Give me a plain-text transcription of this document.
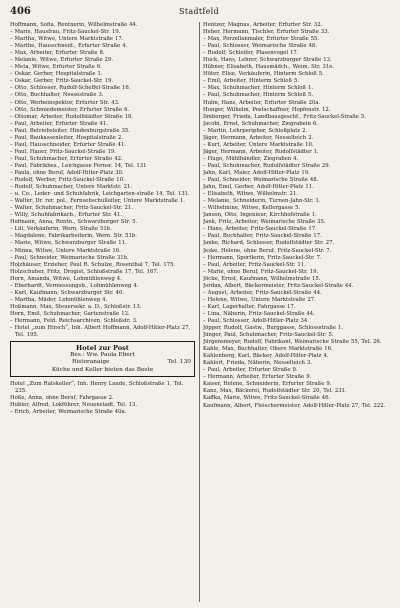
406	Stadtfeld

Hoffmann, Sofia, Rentnerin, Wilhelmstraße 44.

– Marie, Hausfrau, Fritz-Sauckel-Str. 19.

– Martha, Witwe, Untere Marktstraße 17.

– Marthe, Hausschneid., Erfurter Straße 4.

– Max, Arbeiter, Erfurter Straße 8.

– Melanie, Witwe, Erfurter Straße 29.

– Meta, Witwe, Erfurter Straße 6.

– Oskar, Gerber, Hospitalstraße 1.

– Oskar, Gerber, Fritz-Sauckel-Str. 19.

– Otto, Schlosser, Rudolf-Scheffel-Straße 16.

– Otto, Buchhalter, Nessestraße 3.

– Otto, Werbeinspektor, Erfurter Str. 43.

– Otto, Schmiedemeister, Erfurter Straße 6.

– Ottomar, Arbeiter, Rudolfstädter Straße 18.

– Paul, Arbeiter, Erfurter Straße 41.

– Paul, Betriebsleiter, Hindenburgstraße 35.

– Paul, Baukassenleiter, Hospitalstraße 2.

– Paul, Hausschneider, Erfurter Straße 41.

– Paul, Hauer, Fritz-Sauckel-Straße 19.

– Paul, Schuhmacher, Erfurter Straße 42.

– Paul, Fabrikbes., Leichgasse Fernsr. 14, Tel. 131

– Paula, ohne Beruf, Adolf-Hitler-Platz 30.

– Rudolf, Werber, Fritz-Sauckel-Straße 10.

– Rudolf, Schuhmacher, Untere Marktstr. 21.

– u. Co., Leder- und Schuhfabrik, Leichgarten-straße 14, Tel. 131.

– Walter, Dr. rer. pol., Fernsehschulleiter, Untere Marktstraße 1.

– Walter, Schuhmacher, Fritz-Sauckel-Str. 21.

– Willy, Schuhfabrikarb., Erfurter Str. 41.

Hofmann, Anna, Rentn., Schwarzburger Str. 5.

– Lili, Verkäuferin, Wern. Straße 51b.

– Magdalene, Fabrikarbeiterin, Wern. Str. 51b.

– Marie, Witwe, Schwarzburger Straße 11.

– Minna, Witwe, Untere Marktstraße 16.

– Paul, Schneider, Weimarische Straße 31b.

Holzhäuser, Erzieher, Paul R. Schulze, Rosenthal 7, Tel. 175.

Holzschuher, Fritz, Drogist, Schloßstraße 17, Tel. 167.

Horn, Amanda, Witwe, Lohmühlenweg 4.

– Eberhardt, Vermessungsb., Lohmühlenweg 4.

– Karl, Kaufmann, Schwarzburger Str. 40.

– Martha, Mäder, Lohmühlenweg 4.

Hoßmann, Max, Steuersekr. a. D., Schloßstr. 13.

Horn, Emil, Schuhmacher, Gartenstraße 12.

– Hermann, Feld. Reichsarchiven, Schloßstr. 3.

– Hotel „zum Hirsch“, Inh. Albert Hoffmann, Adolf-Hitler-Platz 27, Tel. 195.

Hotel zur Post
Bes.: Ww. Paula Ebert
Ristoranaige	Tel. 130
Küche und Keller bieten das Beste

Hotel „Zum Ratskeller“, Inh. Henry Laude, Schloßstraße 1, Tel. 235.

Hoße, Anna, ohne Beruf, Fahrgasse 2.

Hubler, Alfred, Lokführer, Neuenstadt, Tel. 13.

– Erich, Arbeiter, Weimarische Straße 40a.

Hentzer, Magnus, Arbeiter, Erfurter Str. 32.

Heher, Hermann, Tischler, Erfurter Straße 33.

– Max, Porzellanmaler, Erfurter Straße 55.

– Paul, Schlosser, Weimarische Straße 48.

– Rudolf, Schleifer, Plasenvogel 17.

Huck, Hans, Lehrer, Schwarzburger Straße 13.

Hübner, Elisabeth, Hausmädch., Weim. Str. 31e.

Hüter, Elise, Verkäuferin, Hinterm Schloß 5.

– Emil, Arbeiter, Hinterm Schloß 5.

– Max, Schuhmacher, Hinterm Schloß 1.

– Paul, Schuhmacher, Hinterm Schloß 5.

Hulm, Hans, Arbeiter, Erfurter Straße 20a.

Hunger, Wilhelm, Postschaffner, Hopfenstr. 12.

Ilmberger, Frieda, Landhausgeschf., Fritz-Sauckel-Straße 5.

Jacobi, Ernst, Schuhmacher, Ziegrabein 6.

– Martin, Lehrperipher, Schloßplatz 2.

Jäger, Hermann, Arbeiter, Nesselteich 2.

– Kurt, Arbeiter, Untere Marktstraße 10.

Jäger, Hermann, Arbeiter, Rudolfstädter 1.

– Hugo, Mühlhändler, Ziegraben 4.

– Paul, Schuhmacher, Rudolfstädter Straße 29.

Jahn, Karl, Maler, Adolf-Hitler-Platz 19.

– Paul, Schneider, Weimarische Straße 48.

Jahn, Emil, Gerber, Adolf-Hitler-Platz 11.

– Elisabeth, Witwe, Wilhelmstr. 21.

– Melanie, Schneiderin, Turnen-Jahn-Str. 1.

– Wilhelmine, Witwe, Kellergasse 5.

Janson, Otto, Ingenieur, Kirchhofstraße 1.

Jank, Fritz, Arbeiter, Weimarische Straße 35.

– Hans, Arbeiter, Fritz-Sauckel-Straße 17.

– Paul, Buchhalter, Fritz-Sauckel-Straße 17.

Janke, Richard, Schlosser, Rudolfstädter Str. 27.

Jeske, Helene, ohne Beruf, Fritz-Sauckel-Str. 7.

– Hermann, Sportlerin, Fritz-Sauckel-Str. 7.

– Paul, Arbeiter, Fritz-Sauckel-Str. 11.

– Marie, ohne Beruf, Fritz-Sauckel-Str. 19.

Jöcke, Ernst, Kaufmann, Wilhelmstraße 15.

Jordan, Albert, Bäckermeister, Fritz-Sauckel-Straße 44.

– August, Arbeiter, Fritz-Sauckel-Straße 44.

– Helene, Witwe, Untere Marktstraße 27.

– Karl, Lagerhalter, Fahrgasse 17.

– Lina, Näherin, Fritz-Sauckel-Straße 44.

– Paul, Schlosser, Adolf-Hitler-Platz 34.

Jöpper, Rudolf, Gastw., Burggasse, Schlossstraße 1.

Jünger, Paul, Schuhmacher, Fritz-Sauckel-Str. 5.

Jürgensmeyer, Rudolf, Fabrikant, Weimarische Straße 55, Tel. 26.

Kahle, Max, Buchhalter, Obere Marktstraße 16.

Kahlenberg, Karl, Bäcker, Adolf-Hitler-Platz 4.

Kahlert, Frieda, Näherin, Nesselteich 3.

– Paul, Arbeiter, Erfurter Straße 9.

– Hermann, Arbeiter, Erfurter Straße 9.

Kaiser, Helene, Schneiderin, Erfurter Straße 9.

Kanz, Max, Bäckerei, Rudolfstädter Str. 20, Tel. 231.

Kaffka, Marie, Witwe, Fritz-Sauckel-Straße 46.

Kaufmann, Albert, Fleischermeister, Adolf-Hitler-Platz 27, Tel. 222.
